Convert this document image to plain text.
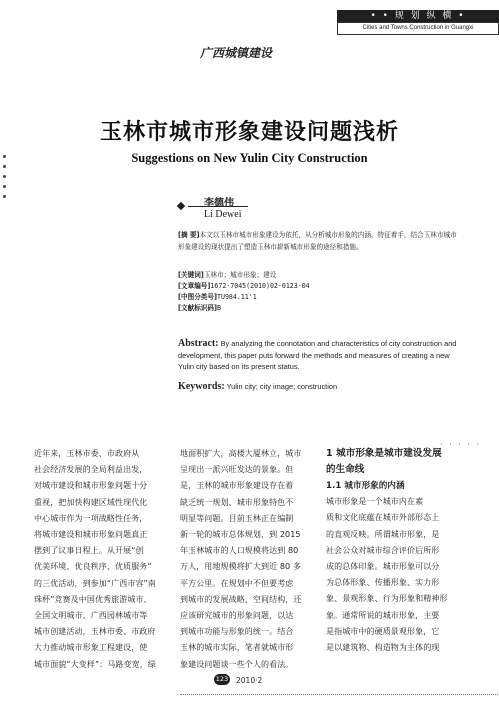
• • 规 划 纵 横 •
Cities and Towns Construction in Guangxi
广西城镇建设
玉林市城市形象建设问题浅析
Suggestions on New Yulin City Construction
李德伟
Li Dewei
[摘 要]本文以玉林市城市形象建设为依托，从分析城市形象的内涵、特征着手，结合玉林市城市形象建设的现状提出了塑造玉林市崭新城市形象的途径和措施。
[关键词]玉林市；城市形象；建设
[文章编号]1672-7045(2010)02-0123-04
[中图分类号]TU984.11'1
[文献标识码]B
Abstract: By analyzing the connotation and characteristics of city construction and development, this paper puts forward the methods and measures of creating a new Yulin city based on its present status.
Keywords: Yulin city; city image; construction
· · · · ·

近年来，玉林市委、市政府从

社会经济发展的全局利益出发，

对城市建设和城市形象问题十分

重视，把加快构建区域性现代化

中心城市作为一项战略性任务，

将城市建设和城市形象问题真正

摆到了议事日程上。从开展“创

优美环境、优良秩序、优质服务”

的三优活动，到参加“广西市容”南

珠杯”竞赛及中国优秀旅游城市、

全国文明城市、广西园林城市等

城市创建活动，玉林市委、市政府

大力推动城市形象工程建设，使

城市面貌“大变样”：马路变宽，绿

地面积扩大，高楼大厦林立，城市

呈现出一派兴旺发达的景象。但

是，玉林的城市形象建设存在着

缺乏统一规划、城市形象特色不

明显等问题。目前玉林正在编制

新一轮的城市总体规划，到 2015

年玉林城市的人口规模将达到 80

万人，用地规模将扩大到近 80 多

平方公里。在规划中不但要考虑

到城市的发展战略、空间结构，还

应该研究城市的形象问题，以达

到城市功能与形象的统一。结合

玉林的城市实际，笔者就城市形

象建设问题谈一些个人的看法。

1 城市形象是城市建设发展

的生命线

1.1 城市形象的内涵

城市形象是一个城市内在素

质和文化底蕴在城市外部形态上

的直观反映。所谓城市形象，是

社会公众对城市综合评价后所形

成的总体印象。城市形象可以分

为总体形象、传播形象、实力形

象、景观形象、行为形象和精神形

象。通常所说的城市形象，主要

是指城市中的硬质景观形象，它

是以建筑物、构造物为主体的现

123 2010·2
